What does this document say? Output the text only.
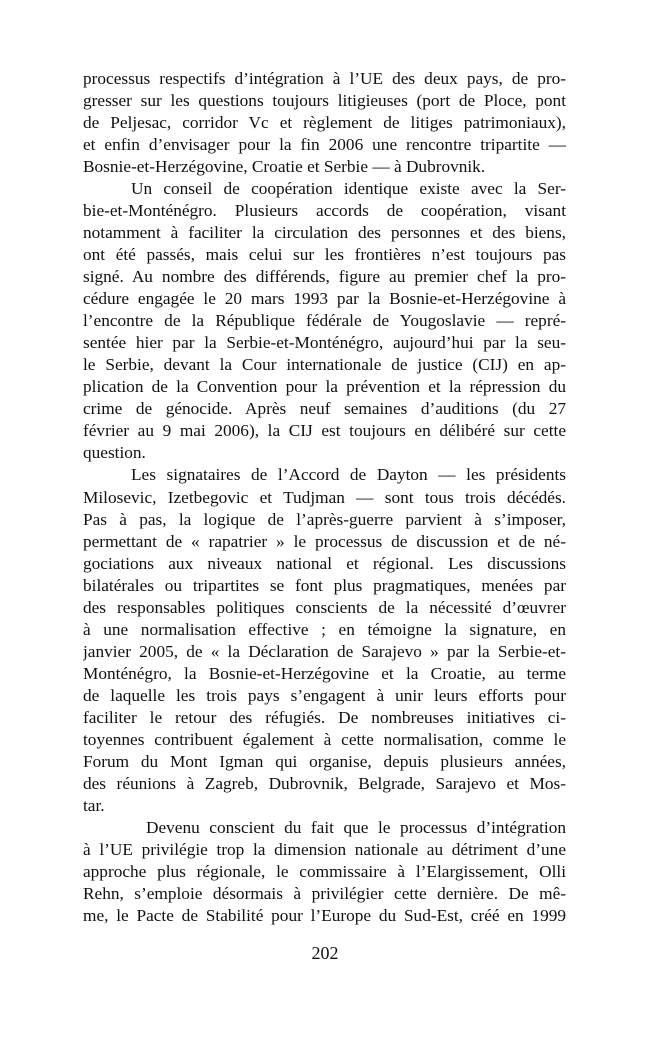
processus respectifs d’intégration à l’UE des deux pays, de pro-
gresser sur les questions toujours litigieuses (port de Ploce, pont
de Peljesac, corridor Vc et règlement de litiges patrimoniaux),
et enfin d’envisager pour la fin 2006 une rencontre tripartite —
Bosnie-et-Herzégovine, Croatie et Serbie — à Dubrovnik.
Un conseil de coopération identique existe avec la Ser-
bie-et-Monténégro. Plusieurs accords de coopération, visant
notamment à faciliter la circulation des personnes et des biens,
ont été passés, mais celui sur les frontières n’est toujours pas
signé. Au nombre des différends, figure au premier chef la pro-
cédure engagée le 20 mars 1993 par la Bosnie-et-Herzégovine à
l’encontre de la République fédérale de Yougoslavie — repré-
sentée hier par la Serbie-et-Monténégro, aujourd’hui par la seu-
le Serbie, devant la Cour internationale de justice (CIJ) en ap-
plication de la Convention pour la prévention et la répression du
crime de génocide. Après neuf semaines d’auditions (du 27
février au 9 mai 2006), la CIJ est toujours en délibéré sur cette
question.
Les signataires de l’Accord de Dayton — les présidents
Milosevic, Izetbegovic et Tudjman — sont tous trois décédés.
Pas à pas, la logique de l’après-guerre parvient à s’imposer,
permettant de « rapatrier » le processus de discussion et de né-
gociations aux niveaux national et régional. Les discussions
bilatérales ou tripartites se font plus pragmatiques, menées par
des responsables politiques conscients de la nécessité d’œuvrer
à une normalisation effective ; en témoigne la signature, en
janvier 2005, de « la Déclaration de Sarajevo » par la Serbie-et-
Monténégro, la Bosnie-et-Herzégovine et la Croatie, au terme
de laquelle les trois pays s’engagent à unir leurs efforts pour
faciliter le retour des réfugiés. De nombreuses initiatives ci-
toyennes contribuent également à cette normalisation, comme le
Forum du Mont Igman qui organise, depuis plusieurs années,
des réunions à Zagreb, Dubrovnik, Belgrade, Sarajevo et Mos-
tar.
Devenu conscient du fait que le processus d’intégration
à l’UE privilégie trop la dimension nationale au détriment d’une
approche plus régionale, le commissaire à l’Elargissement, Olli
Rehn, s’emploie désormais à privilégier cette dernière. De mê-
me, le Pacte de Stabilité pour l’Europe du Sud-Est, créé en 1999
202
